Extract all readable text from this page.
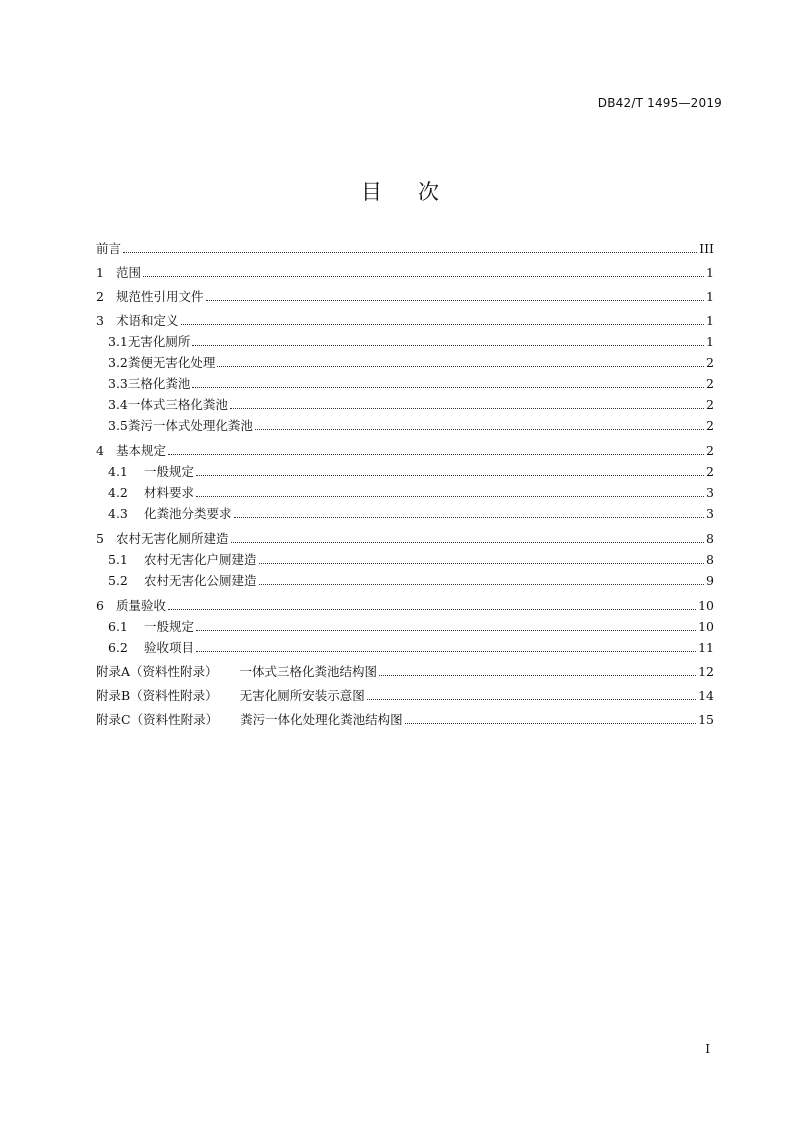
DB42/T 1495—2019
目次
前言	III
1 范围	1
2 规范性引用文件	1
3 术语和定义	1
3.1 无害化厕所	1
3.2 粪便无害化处理	2
3.3 三格化粪池	2
3.4 一体式三格化粪池	2
3.5 粪污一体式处理化粪池	2
4 基本规定	2
4.1	一般规定	2
4.2	材料要求	3
4.3	化粪池分类要求	3
5 农村无害化厕所建造	8
5.1	农村无害化户厕建造	8
5.2	农村无害化公厕建造	9
6 质量验收	10
6.1	一般规定	10
6.2	验收项目	11
附录A（资料性附录） 一体式三格化粪池结构图	12
附录B（资料性附录） 无害化厕所安装示意图	14
附录C（资料性附录） 粪污一体化处理化粪池结构图	15
I
